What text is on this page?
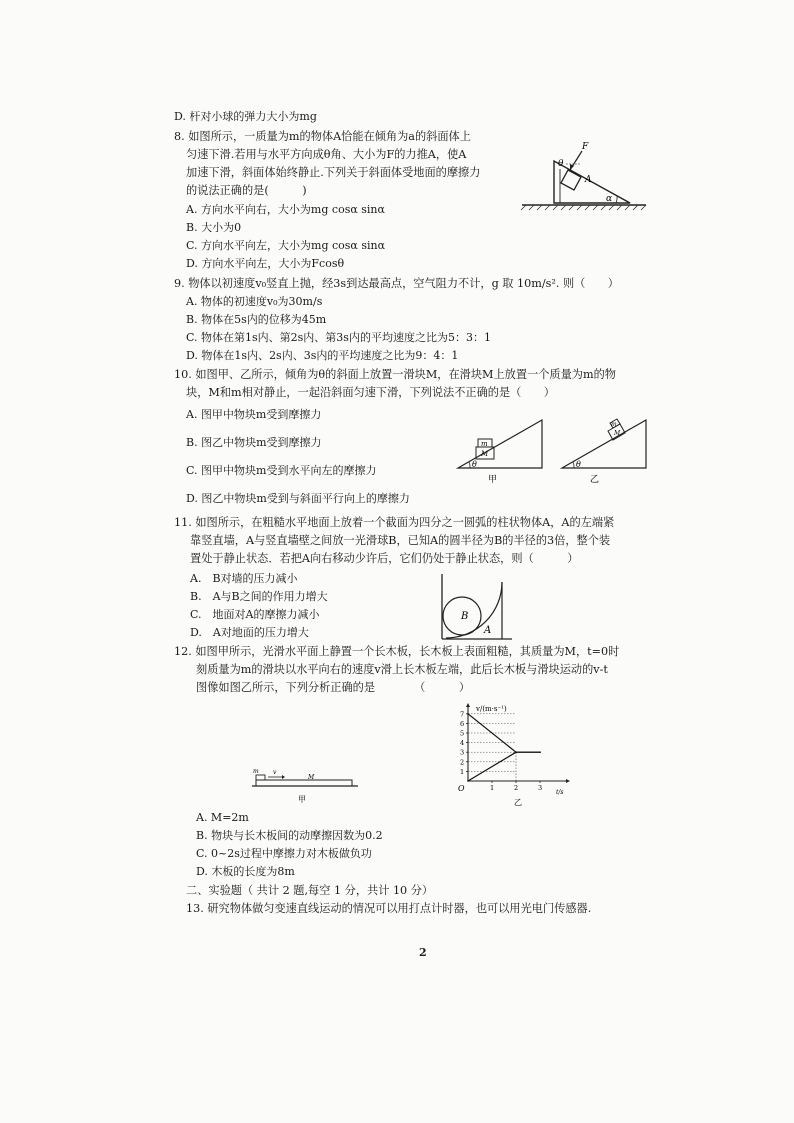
D. 杆对小球的弹力大小为mg
8. 如图所示，一质量为m的物体A恰能在倾角为a的斜面体上
匀速下滑.若用与水平方向成θ角、大小为F的力推A，使A
加速下滑，斜面体始终静止.下列关于斜面体受地面的摩擦力
的说法正确的是(　　　)
A. 方向水平向右，大小为mg cosα sinα
B. 大小为0
C. 方向水平向左，大小为mg cosα sinα
D. 方向水平向左，大小为Fcosθ
F
θ
A
α
9. 物体以初速度v₀竖直上抛，经3s到达最高点，空气阻力不计，g 取 10m/s². 则（　　）
A. 物体的初速度v₀为30m/s
B. 物体在5s内的位移为45m
C. 物体在第1s内、第2s内、第3s内的平均速度之比为5：3：1
D. 物体在1s内、2s内、3s内的平均速度之比为9：4：1
10. 如图甲、乙所示，倾角为θ的斜面上放置一滑块M，在滑块M上放置一个质量为m的物
块，M和m相对静止，一起沿斜面匀速下滑，下列说法不正确的是（　　）
A. 图甲中物块m受到摩擦力
B. 图乙中物块m受到摩擦力
C. 图甲中物块m受到水平向左的摩擦力
D. 图乙中物块m受到与斜面平行向上的摩擦力
m
M
θ
甲
m
M
θ
乙
11. 如图所示，在粗糙水平地面上放着一个截面为四分之一圆弧的柱状物体A，A的左端紧
靠竖直墙，A与竖直墙壁之间放一光滑球B，已知A的圆半径为B的半径的3倍，整个装
置处于静止状态．若把A向右移动少许后，它们仍处于静止状态，则（　　　）
A.　B对墙的压力减小
B.　A与B之间的作用力增大
C.　地面对A的摩擦力减小
D.　A对地面的压力增大
B
A
12. 如图甲所示，光滑水平面上静置一个长木板，长木板上表面粗糙，其质量为M，t=0时
刻质量为m的滑块以水平向右的速度v滑上长木板左端，此后长木板与滑块运动的v-t
图像如图乙所示，下列分析正确的是　　　　（　　　）
m v
M
甲
v/(m·s⁻¹)
t/s
O
1
2
3
4
5
6
7
1	2	3
乙
A. M=2m
B. 物块与长木板间的动摩擦因数为0.2
C. 0~2s过程中摩擦力对木板做负功
D. 木板的长度为8m
二、实验题（ 共计 2 题,每空 1 分，共计 10 分）
13. 研究物体做匀变速直线运动的情况可以用打点计时器，也可以用光电门传感器.
2
